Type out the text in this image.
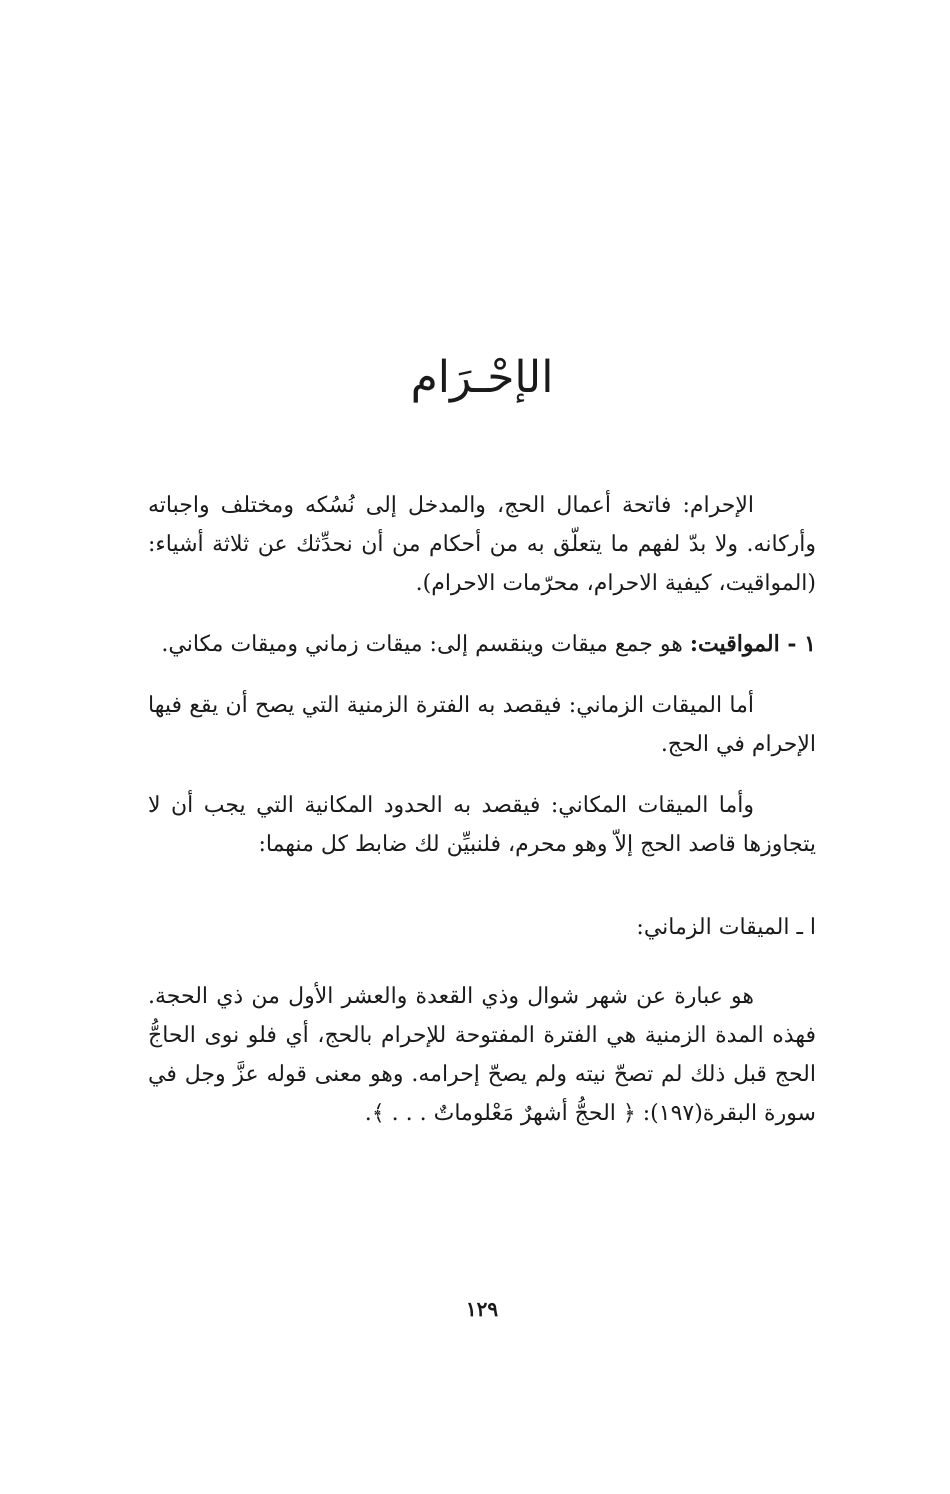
الإحْـرَام

الإحرام: فاتحة أعمال الحج، والمدخل إلى نُسُكه ومختلف واجباته وأركانه. ولا بدّ لفهم ما يتعلّق به من أحكام من أن نحدِّثك عن ثلاثة أشياء: (المواقيت، كيفية الاحرام، محرّمات الاحرام).

١ - المواقيت: هو جمع ميقات وينقسم إلى: ميقات زماني وميقات مكاني.

أما الميقات الزماني: فيقصد به الفترة الزمنية التي يصح أن يقع فيها الإحرام في الحج.

وأما الميقات المكاني: فيقصد به الحدود المكانية التي يجب أن لا يتجاوزها قاصد الحج إلاّ وهو محرم، فلنبيِّن لك ضابط كل منهما:

ا ـ الميقات الزماني:

هو عبارة عن شهر شوال وذي القعدة والعشر الأول من ذي الحجة. فهذه المدة الزمنية هي الفترة المفتوحة للإحرام بالحج، أي فلو نوى الحاجُّ الحج قبل ذلك لم تصحّ نيته ولم يصحّ إحرامه. وهو معنى قوله عزَّ وجل في سورة البقرة(١٩٧): ﴿ الحجُّ أشهرٌ مَعْلوماتٌ . . . ﴾.

١٢٩
